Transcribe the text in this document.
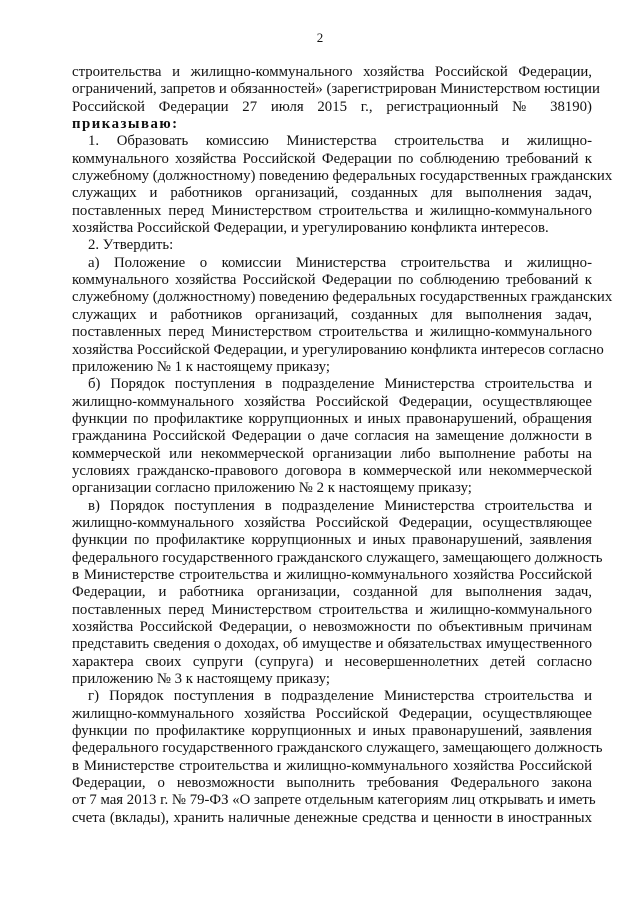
2

строительства и жилищно-коммунального хозяйства Российской Федерации,

ограничений, запретов и обязанностей» (зарегистрирован Министерством юстиции

Российской Федерации 27 июля 2015 г., регистрационный № 38190)

приказываю:

1. Образовать комиссию Министерства строительства и жилищно-

коммунального хозяйства Российской Федерации по соблюдению требований к

служебному (должностному) поведению федеральных государственных гражданских

служащих и работников организаций, созданных для выполнения задач,

поставленных перед Министерством строительства и жилищно-коммунального

хозяйства Российской Федерации, и урегулированию конфликта интересов.

2. Утвердить:

а) Положение о комиссии Министерства строительства и жилищно-

коммунального хозяйства Российской Федерации по соблюдению требований к

служебному (должностному) поведению федеральных государственных гражданских

служащих и работников организаций, созданных для выполнения задач,

поставленных перед Министерством строительства и жилищно-коммунального

хозяйства Российской Федерации, и урегулированию конфликта интересов согласно

приложению № 1 к настоящему приказу;

б) Порядок поступления в подразделение Министерства строительства и

жилищно-коммунального хозяйства Российской Федерации, осуществляющее

функции по профилактике коррупционных и иных правонарушений, обращения

гражданина Российской Федерации о даче согласия на замещение должности в

коммерческой или некоммерческой организации либо выполнение работы на

условиях гражданско-правового договора в коммерческой или некоммерческой

организации согласно приложению № 2 к настоящему приказу;

в) Порядок поступления в подразделение Министерства строительства и

жилищно-коммунального хозяйства Российской Федерации, осуществляющее

функции по профилактике коррупционных и иных правонарушений, заявления

федерального государственного гражданского служащего, замещающего должность

в Министерстве строительства и жилищно-коммунального хозяйства Российской

Федерации, и работника организации, созданной для выполнения задач,

поставленных перед Министерством строительства и жилищно-коммунального

хозяйства Российской Федерации, о невозможности по объективным причинам

представить сведения о доходах, об имуществе и обязательствах имущественного

характера своих супруги (супруга) и несовершеннолетних детей согласно

приложению № 3 к настоящему приказу;

г) Порядок поступления в подразделение Министерства строительства и

жилищно-коммунального хозяйства Российской Федерации, осуществляющее

функции по профилактике коррупционных и иных правонарушений, заявления

федерального государственного гражданского служащего, замещающего должность

в Министерстве строительства и жилищно-коммунального хозяйства Российской

Федерации, о невозможности выполнить требования Федерального закона

от 7 мая 2013 г. № 79-ФЗ «О запрете отдельным категориям лиц открывать и иметь

счета (вклады), хранить наличные денежные средства и ценности в иностранных
